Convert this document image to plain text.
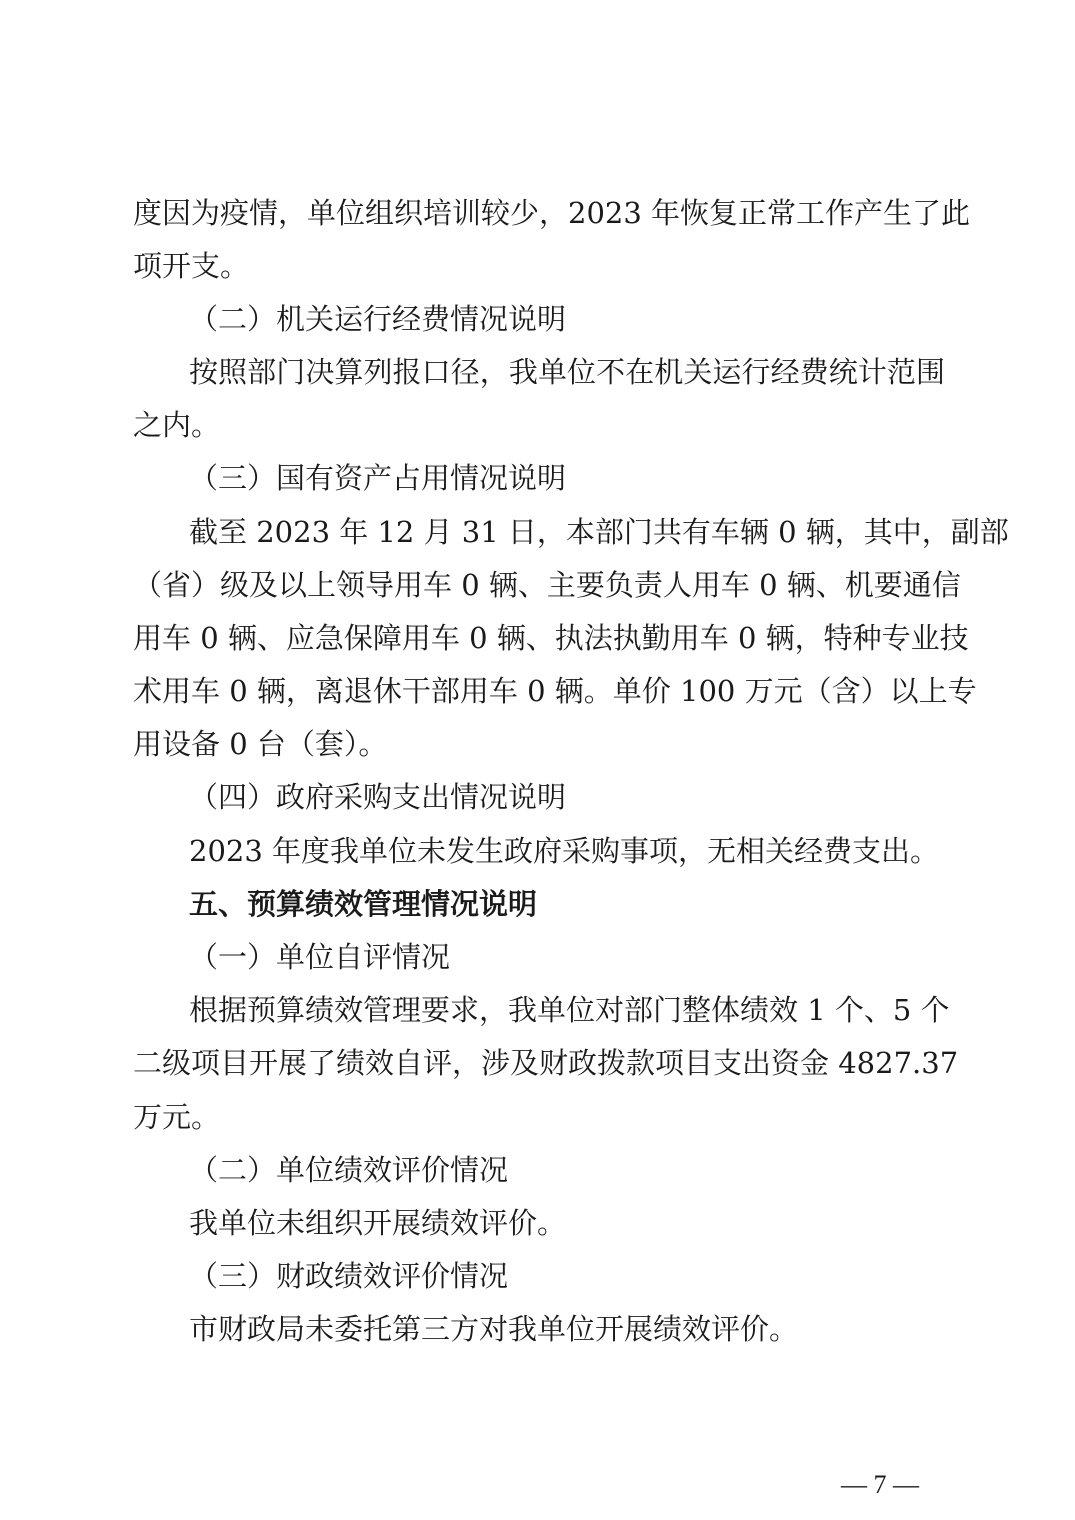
度因为疫情，单位组织培训较少，2023 年恢复正常工作产生了此
项开支。
（二）机关运行经费情况说明
按照部门决算列报口径，我单位不在机关运行经费统计范围
之内。
（三）国有资产占用情况说明
截至 2023 年 12 月 31 日，本部门共有车辆 0 辆，其中，副部
（省）级及以上领导用车 0 辆、主要负责人用车 0 辆、机要通信
用车 0 辆、应急保障用车 0 辆、执法执勤用车 0 辆，特种专业技
术用车 0 辆，离退休干部用车 0 辆。单价 100 万元（含）以上专
用设备 0 台（套）。
（四）政府采购支出情况说明
2023 年度我单位未发生政府采购事项，无相关经费支出。
五、预算绩效管理情况说明
（一）单位自评情况
根据预算绩效管理要求，我单位对部门整体绩效 1 个、5 个
二级项目开展了绩效自评，涉及财政拨款项目支出资金 4827.37
万元。
（二）单位绩效评价情况
我单位未组织开展绩效评价。
（三）财政绩效评价情况
市财政局未委托第三方对我单位开展绩效评价。
— 7 —
